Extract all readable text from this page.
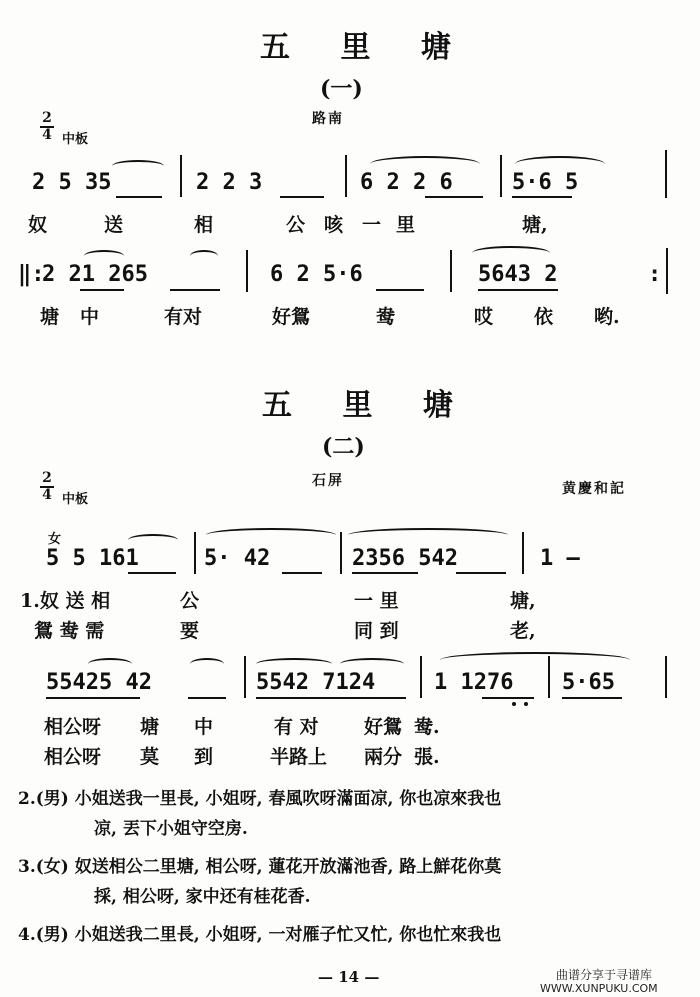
五 里 塘
(一)
路南
2
4 中板
2 5 35	2 2 3	6 2 2 6	5·6 5
奴	送	相	公 咳 一 里	塘,
‖:
2 21 265	6 2 5·6	5643 2	:
塘 中	有对	好鴛	鸯	哎 依 哟.
五 里 塘
(二)
石屏	黄慶和記
2
4 中板
女
5 5 161	5· 42	2356 542	1 –
1.奴 送 相	公	一 里	塘,
鴛 鸯 需	要	同 到	老,
55425 42	5542 7124	1 1276 5·65
相公呀 塘 中	有 对 好鴛 鸯.
相公呀 莫 到	半路上 兩分 張.
2.(男) 小姐送我一里長, 小姐呀, 春風吹呀滿面凉, 你也凉來我也
凉, 丟下小姐守空房.
3.(女) 奴送相公二里塘, 相公呀, 蓮花开放滿池香, 路上鮮花你莫
採, 相公呀, 家中还有桂花香.
4.(男) 小姐送我二里長, 小姐呀, 一对雁子忙又忙, 你也忙來我也
— 14 —	曲谱分享于寻谱库
WWW.XUNPUKU.COM
